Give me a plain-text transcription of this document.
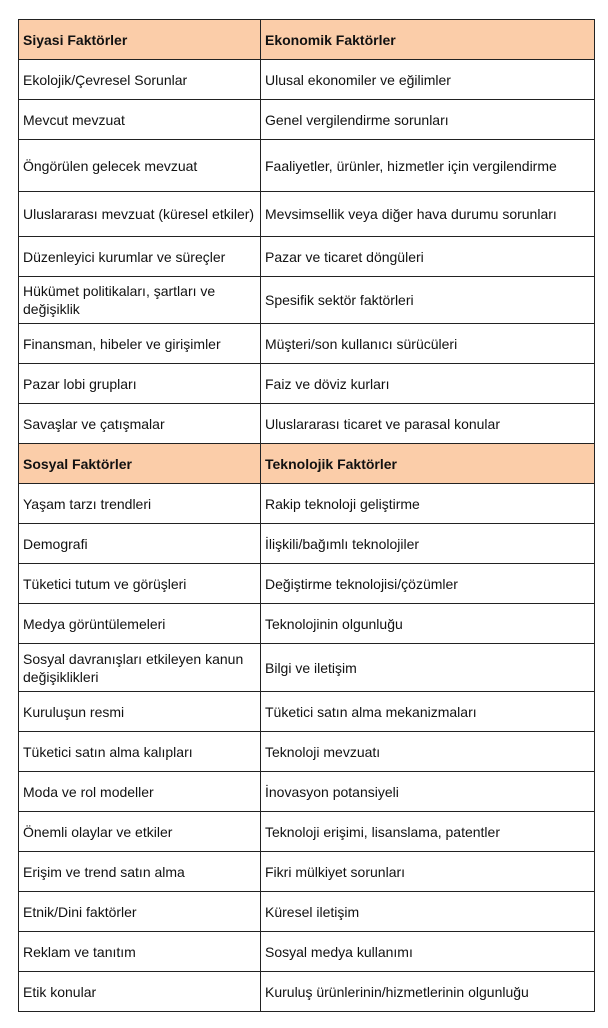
Siyasi Faktörler	Ekonomik Faktörler
Ekolojik/Çevresel Sorunlar	Ulusal ekonomiler ve eğilimler
Mevcut mevzuat	Genel vergilendirme sorunları
Öngörülen gelecek mevzuat	Faaliyetler, ürünler, hizmetler için vergilendirme
Uluslararası mevzuat (küresel etkiler)	Mevsimsellik veya diğer hava durumu sorunları
Düzenleyici kurumlar ve süreçler	Pazar ve ticaret döngüleri
Hükümet politikaları, şartları ve değişiklik	Spesifik sektör faktörleri
Finansman, hibeler ve girişimler	Müşteri/son kullanıcı sürücüleri
Pazar lobi grupları	Faiz ve döviz kurları
Savaşlar ve çatışmalar	Uluslararası ticaret ve parasal konular
Sosyal Faktörler	Teknolojik Faktörler
Yaşam tarzı trendleri	Rakip teknoloji geliştirme
Demografi	İlişkili/bağımlı teknolojiler
Tüketici tutum ve görüşleri	Değiştirme teknolojisi/çözümler
Medya görüntülemeleri	Teknolojinin olgunluğu
Sosyal davranışları etkileyen kanun değişiklikleri	Bilgi ve iletişim
Kuruluşun resmi	Tüketici satın alma mekanizmaları
Tüketici satın alma kalıpları	Teknoloji mevzuatı
Moda ve rol modeller	İnovasyon potansiyeli
Önemli olaylar ve etkiler	Teknoloji erişimi, lisanslama, patentler
Erişim ve trend satın alma	Fikri mülkiyet sorunları
Etnik/Dini faktörler	Küresel iletişim
Reklam ve tanıtım	Sosyal medya kullanımı
Etik konular	Kuruluş ürünlerinin/hizmetlerinin olgunluğu
